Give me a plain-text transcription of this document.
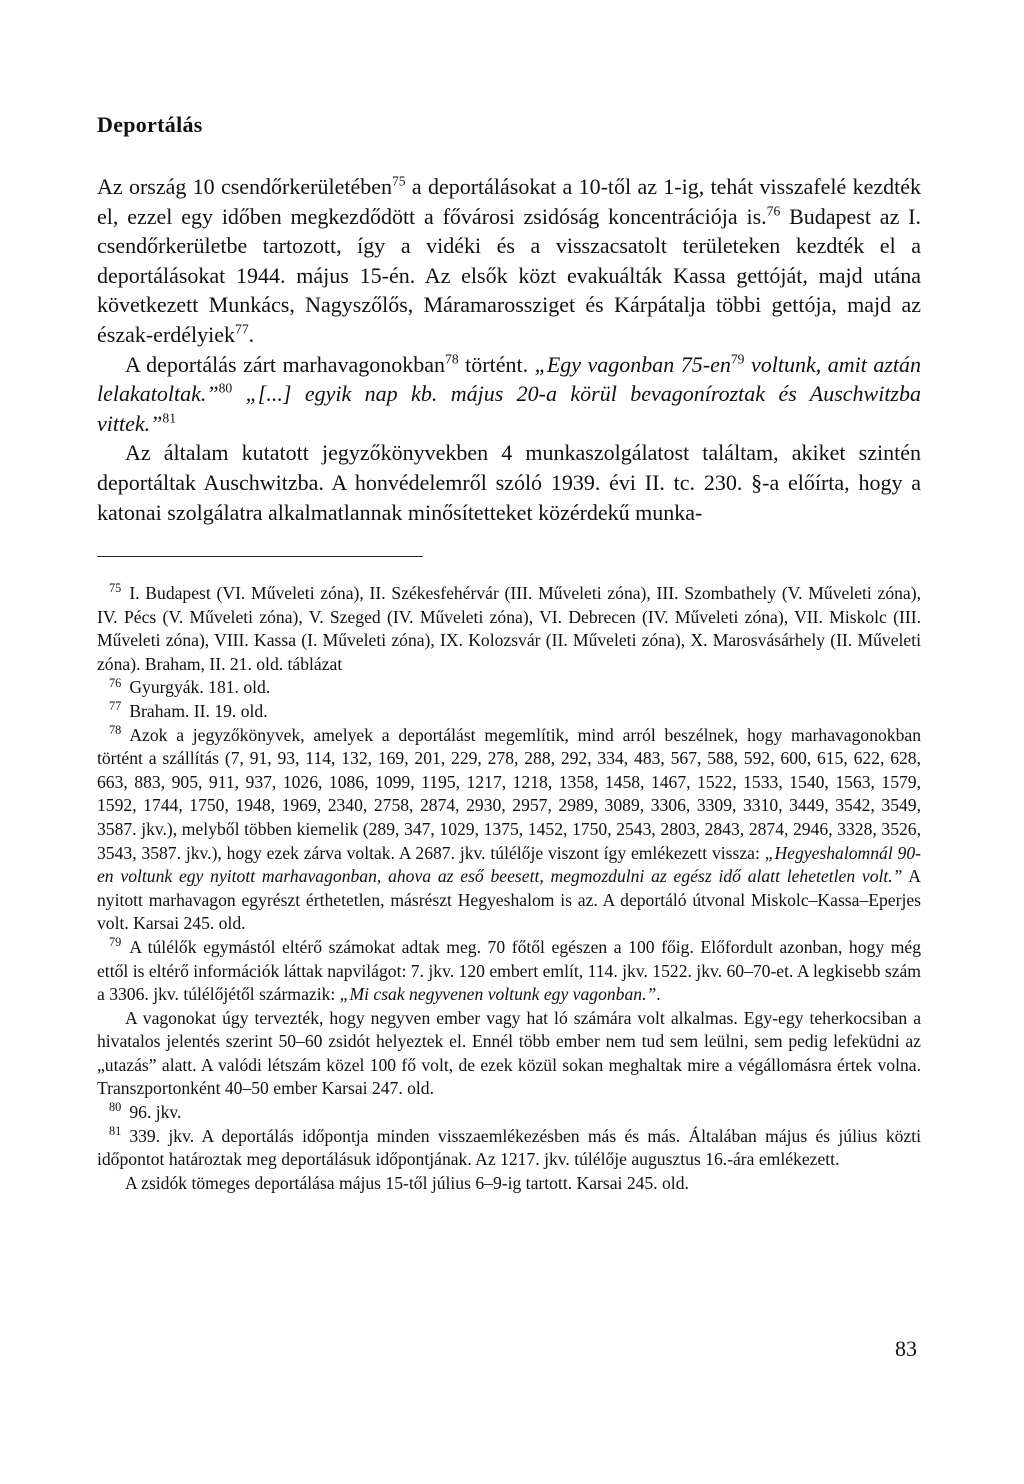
Deportálás

Az ország 10 csendőrkerületében$^{75}$ a deportálásokat a 10-től az 1-ig, tehát visszafelé kezdték el, ezzel egy időben megkezdődött a fővárosi zsidóság koncentrációja is.$^{76}$ Budapest az I. csendőrkerületbe tartozott, így a vidéki és a visszacsatolt területeken kezdték el a deportálásokat 1944. május 15-én. Az elsők közt evakuálták Kassa gettóját, majd utána következett Munkács, Nagyszőlős, Máramarossziget és Kárpátalja többi gettója, majd az észak-erdélyiek$^{77}$.

A deportálás zárt marhavagonokban$^{78}$ történt. „Egy vagonban $75-en^{79}$ voltunk, amit aztán lelakatoltak.”$^{80}$ „[...] egyik nap kb. május 20-a körül bevagoníroztak és Auschwitzba vittek.”$^{81}$

Az általam kutatott jegyzőkönyvekben 4 munkaszolgálatost találtam, akiket szintén deportáltak Auschwitzba. A honvédelemről szóló 1939. évi II. tc. 230. §-a előírta, hogy a katonai szolgálatra alkalmatlannak minősítetteket közérdekű munka-

$^{75}$ I. Budapest (VI. Műveleti zóna), II. Székesfehérvár (III. Műveleti zóna), III. Szombathely (V. Műveleti zóna), IV. Pécs (V. Műveleti zóna), V. Szeged (IV. Műveleti zóna), VI. Debrecen (IV. Műveleti zóna), VII. Miskolc (III. Műveleti zóna), VIII. Kassa (I. Műveleti zóna), IX. Kolozsvár (II. Műveleti zóna), X. Marosvásárhely (II. Műveleti zóna). Braham, II. 21. old. táblázat

$^{76}$ Gyurgyák. 181. old.

$^{77}$ Braham. II. 19. old.

$^{78}$ Azok a jegyzőkönyvek, amelyek a deportálást megemlítik, mind arról beszélnek, hogy marhavagonokban történt a szállítás (7, 91, 93, 114, 132, 169, 201, 229, 278, 288, 292, 334, 483, 567, 588, 592, 600, 615, 622, 628, 663, 883, 905, 911, 937, 1026, 1086, 1099, 1195, 1217, 1218, 1358, 1458, 1467, 1522, 1533, 1540, 1563, 1579, 1592, 1744, 1750, 1948, 1969, 2340, 2758, 2874, 2930, 2957, 2989, 3089, 3306, 3309, 3310, 3449, 3542, 3549, 3587. jkv.), melyből többen kiemelik (289, 347, 1029, 1375, 1452, 1750, 2543, 2803, 2843, 2874, 2946, 3328, 3526, 3543, 3587. jkv.), hogy ezek zárva voltak. A 2687. jkv. túlélője viszont így emlékezett vissza: „Hegyeshalomnál 90-en voltunk egy nyitott marhavagonban, ahova az eső beesett, megmozdulni az egész idő alatt lehetetlen volt.” A nyitott marhavagon egyrészt érthetetlen, másrészt Hegyeshalom is az. A deportáló útvonal Miskolc–Kassa–Eperjes volt. Karsai 245. old.

$^{79}$ A túlélők egymástól eltérő számokat adtak meg. 70 főtől egészen a 100 főig. Előfordult azonban, hogy még ettől is eltérő információk láttak napvilágot: 7. jkv. 120 embert említ, 114. jkv. 1522. jkv. 60–70-et. A legkisebb szám a 3306. jkv. túlélőjétől származik: „Mi csak negyvenen voltunk egy vagonban.”.

A vagonokat úgy tervezték, hogy negyven ember vagy hat ló számára volt alkalmas. Egy-egy teherkocsiban a hivatalos jelentés szerint 50–60 zsidót helyeztek el. Ennél több ember nem tud sem leülni, sem pedig lefeküdni az „utazás” alatt. A valódi létszám közel 100 fő volt, de ezek közül sokan meghaltak mire a végállomásra értek volna. Transzportonként 40–50 ember Karsai 247. old.

$^{80}$ 96. jkv.

$^{81}$ 339. jkv. A deportálás időpontja minden visszaemlékezésben más és más. Általában május és július közti időpontot határoztak meg deportálásuk időpontjának. Az 1217. jkv. túlélője augusztus 16.-ára emlékezett.

A zsidók tömeges deportálása május 15-től július 6–9-ig tartott. Karsai 245. old.

83
